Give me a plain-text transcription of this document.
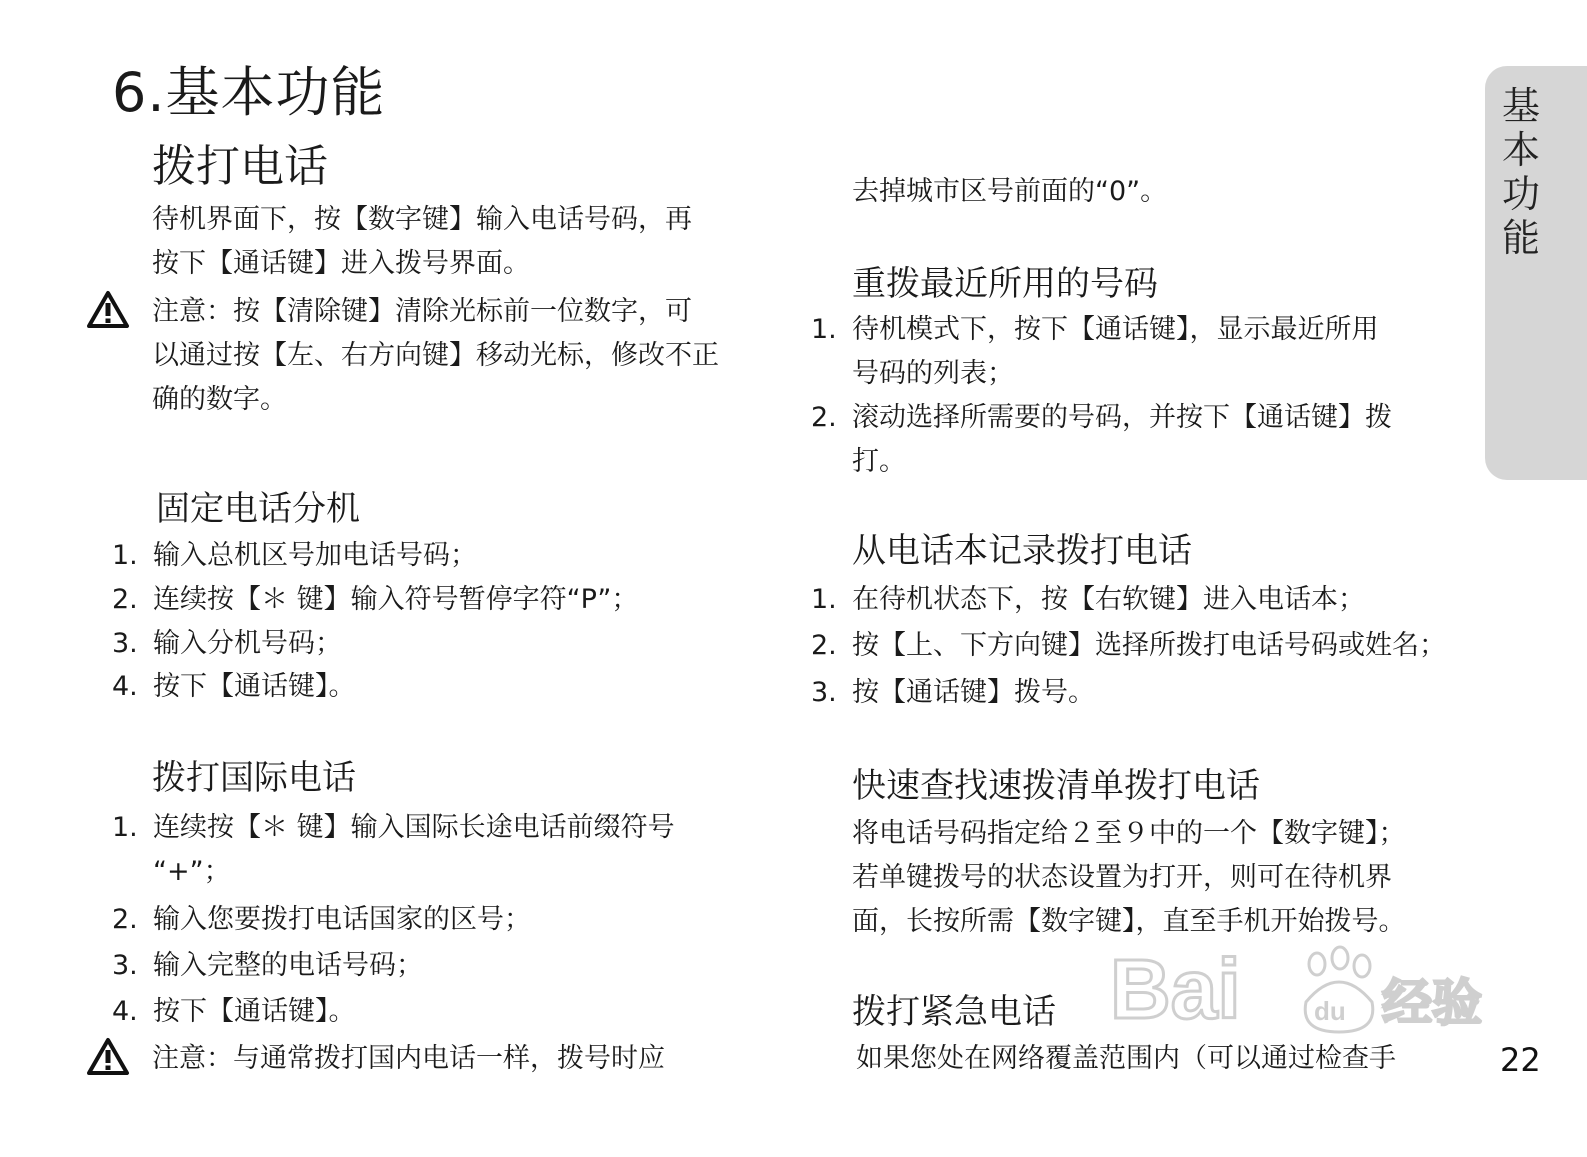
6.基本功能
拨打电话
待机界面下，按【数字键】输入电话号码，再
按下【通话键】进入拨号界面。
注意：按【清除键】清除光标前一位数字，可
以通过按【左、右方向键】移动光标，修改不正
确的数字。
固定电话分机
1. 输入总机区号加电话号码；
2. 连续按【＊ 键】输入符号暂停字符“P”；
3. 输入分机号码；
4. 按下【通话键】。
拨打国际电话
1. 连续按【＊ 键】输入国际长途电话前缀符号
“+”；
2. 输入您要拨打电话国家的区号；
3. 输入完整的电话号码；
4. 按下【通话键】。
注意：与通常拨打国内电话一样，拨号时应
去掉城市区号前面的“0”。
重拨最近所用的号码
1. 待机模式下，按下【通话键】，显示最近所用
号码的列表；
2. 滚动选择所需要的号码，并按下【通话键】拨
打。
从电话本记录拨打电话
1. 在待机状态下，按【右软键】进入电话本；
2. 按【上、下方向键】选择所拨打电话号码或姓名；
3. 按【通话键】拨号。
快速查找速拨清单拨打电话
将电话号码指定给２至９中的一个【数字键】；
若单键拨号的状态设置为打开，则可在待机界
面，长按所需【数字键】，直至手机开始拨号。
拨打紧急电话
如果您处在网络覆盖范围内（可以通过检查手
基本功能
22
Bai	du 经验
